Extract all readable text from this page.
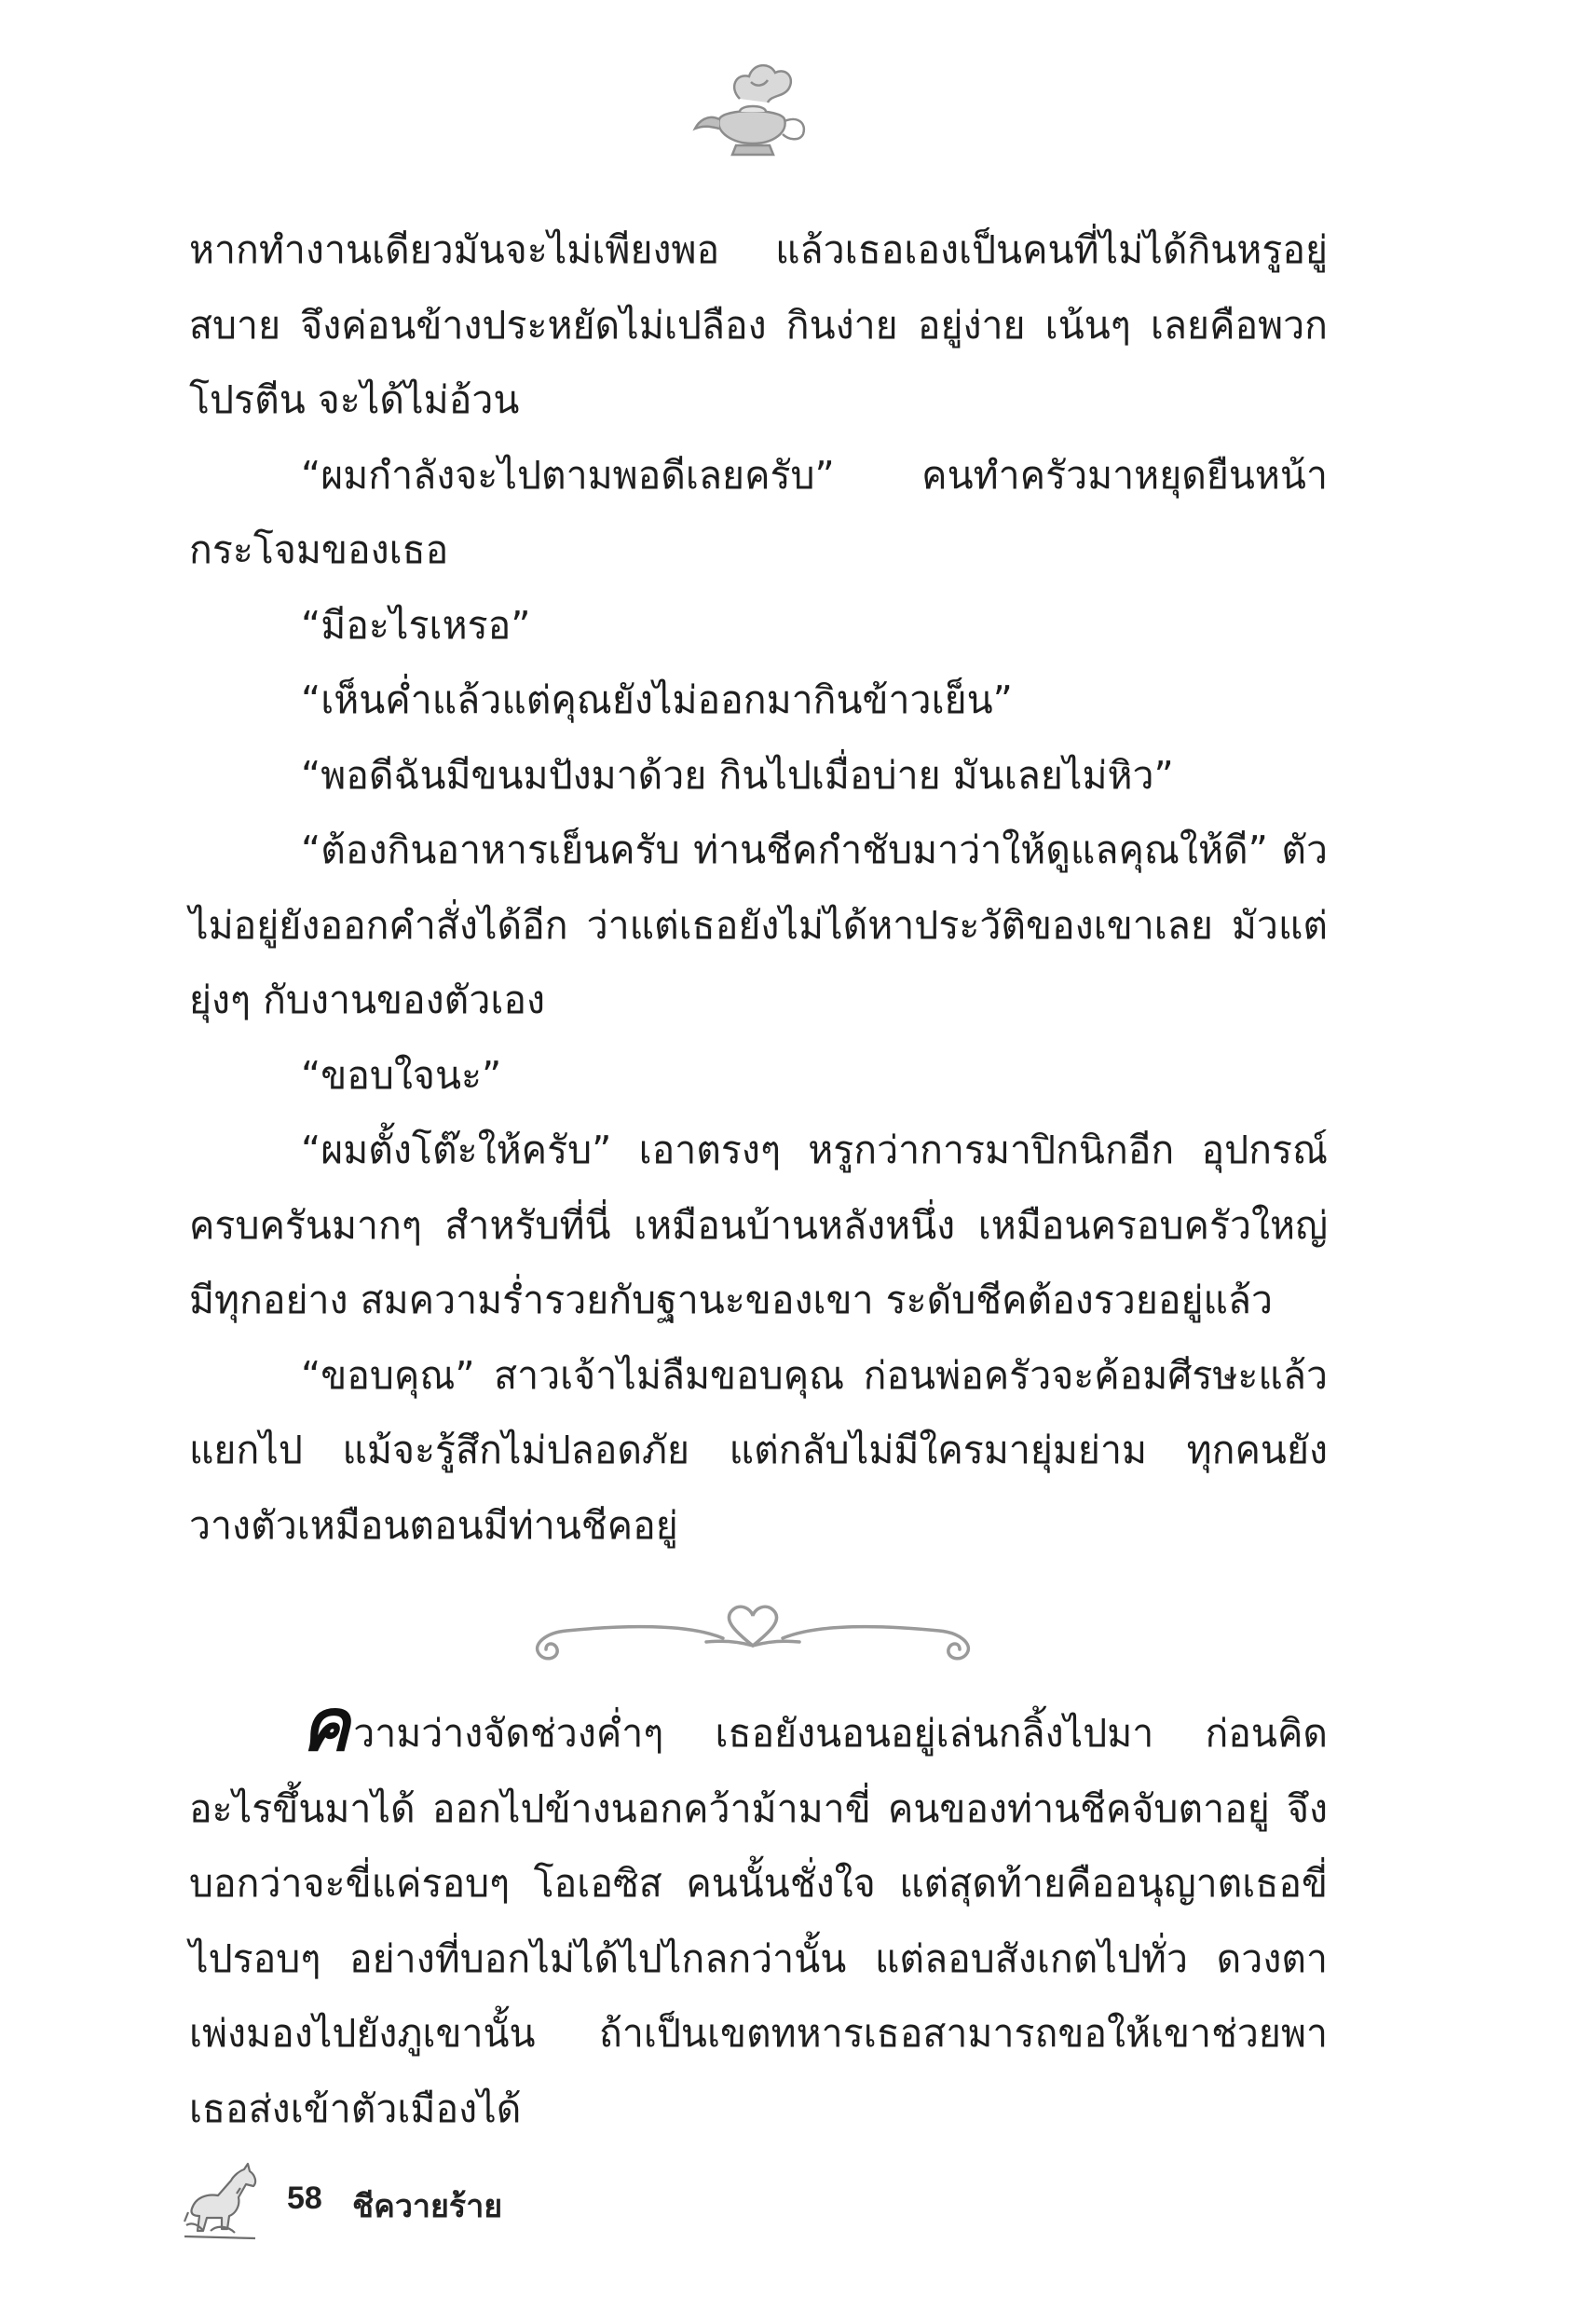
หากทำงานเดียวมันจะไม่เพียงพอ แล้วเธอเองเป็นคนที่ไม่ได้กินหรูอยู่สบาย จึงค่อนข้างประหยัดไม่เปลือง กินง่าย อยู่ง่าย เน้นๆ เลยคือพวกโปรตีน จะได้ไม่อ้วน

“ผมกำลังจะไปตามพอดีเลยครับ” คนทำครัวมาหยุดยืนหน้ากระโจมของเธอ

“มีอะไรเหรอ”

“เห็นค่ำแล้วแต่คุณยังไม่ออกมากินข้าวเย็น”

“พอดีฉันมีขนมปังมาด้วย กินไปเมื่อบ่าย มันเลยไม่หิว”

“ต้องกินอาหารเย็นครับ ท่านชีคกำชับมาว่าให้ดูแลคุณให้ดี” ตัวไม่อยู่ยังออกคำสั่งได้อีก ว่าแต่เธอยังไม่ได้หาประวัติของเขาเลย มัวแต่ยุ่งๆ กับงานของตัวเอง

“ขอบใจนะ”

“ผมตั้งโต๊ะให้ครับ” เอาตรงๆ หรูกว่าการมาปิกนิกอีก อุปกรณ์ครบครันมากๆ สำหรับที่นี่ เหมือนบ้านหลังหนึ่ง เหมือนครอบครัวใหญ่ มีทุกอย่าง สมความร่ำรวยกับฐานะของเขา ระดับชีคต้องรวยอยู่แล้ว

“ขอบคุณ” สาวเจ้าไม่ลืมขอบคุณ ก่อนพ่อครัวจะค้อมศีรษะแล้วแยกไป แม้จะรู้สึกไม่ปลอดภัย แต่กลับไม่มีใครมายุ่มย่าม ทุกคนยังวางตัวเหมือนตอนมีท่านชีคอยู่

ความว่างจัดช่วงค่ำๆ เธอยังนอนอยู่เล่นกลิ้งไปมา ก่อนคิดอะไรขึ้นมาได้ ออกไปข้างนอกคว้าม้ามาขี่ คนของท่านชีคจับตาอยู่ จึงบอกว่าจะขี่แค่รอบๆ โอเอซิส คนนั้นชั่งใจ แต่สุดท้ายคืออนุญาตเธอขี่ไปรอบๆ อย่างที่บอกไม่ได้ไปไกลกว่านั้น แต่ลอบสังเกตไปทั่ว ดวงตาเพ่งมองไปยังภูเขานั้น ถ้าเป็นเขตทหารเธอสามารถขอให้เขาช่วยพาเธอส่งเข้าตัวเมืองได้

58 ชีควายร้าย
